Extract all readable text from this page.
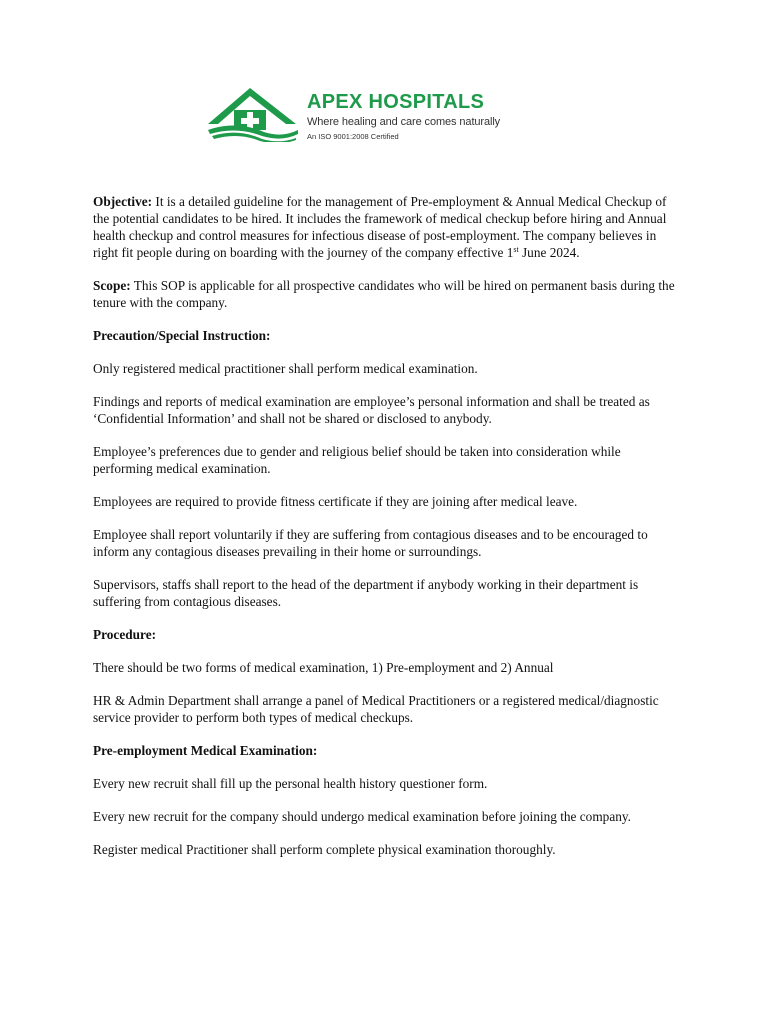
APEX HOSPITALS
Where healing and care comes naturally
An ISO 9001:2008 Certified

Objective: It is a detailed guideline for the management of Pre-employment & Annual Medical Checkup of the potential candidates to be hired. It includes the framework of medical checkup before hiring and Annual health checkup and control measures for infectious disease of post-employment. The company believes in right fit people during on boarding with the journey of the company effective 1st June 2024.

Scope: This SOP is applicable for all prospective candidates who will be hired on permanent basis during the tenure with the company.

Precaution/Special Instruction:

Only registered medical practitioner shall perform medical examination.

Findings and reports of medical examination are employee’s personal information and shall be treated as ‘Confidential Information’ and shall not be shared or disclosed to anybody.

Employee’s preferences due to gender and religious belief should be taken into consideration while performing medical examination.

Employees are required to provide fitness certificate if they are joining after medical leave.

Employee shall report voluntarily if they are suffering from contagious diseases and to be encouraged to inform any contagious diseases prevailing in their home or surroundings.

Supervisors, staffs shall report to the head of the department if anybody working in their department is suffering from contagious diseases.

Procedure:

There should be two forms of medical examination, 1) Pre-employment and 2) Annual

HR & Admin Department shall arrange a panel of Medical Practitioners or a registered medical/diagnostic service provider to perform both types of medical checkups.

Pre-employment Medical Examination:

Every new recruit shall fill up the personal health history questioner form.

Every new recruit for the company should undergo medical examination before joining the company.

Register medical Practitioner shall perform complete physical examination thoroughly.
